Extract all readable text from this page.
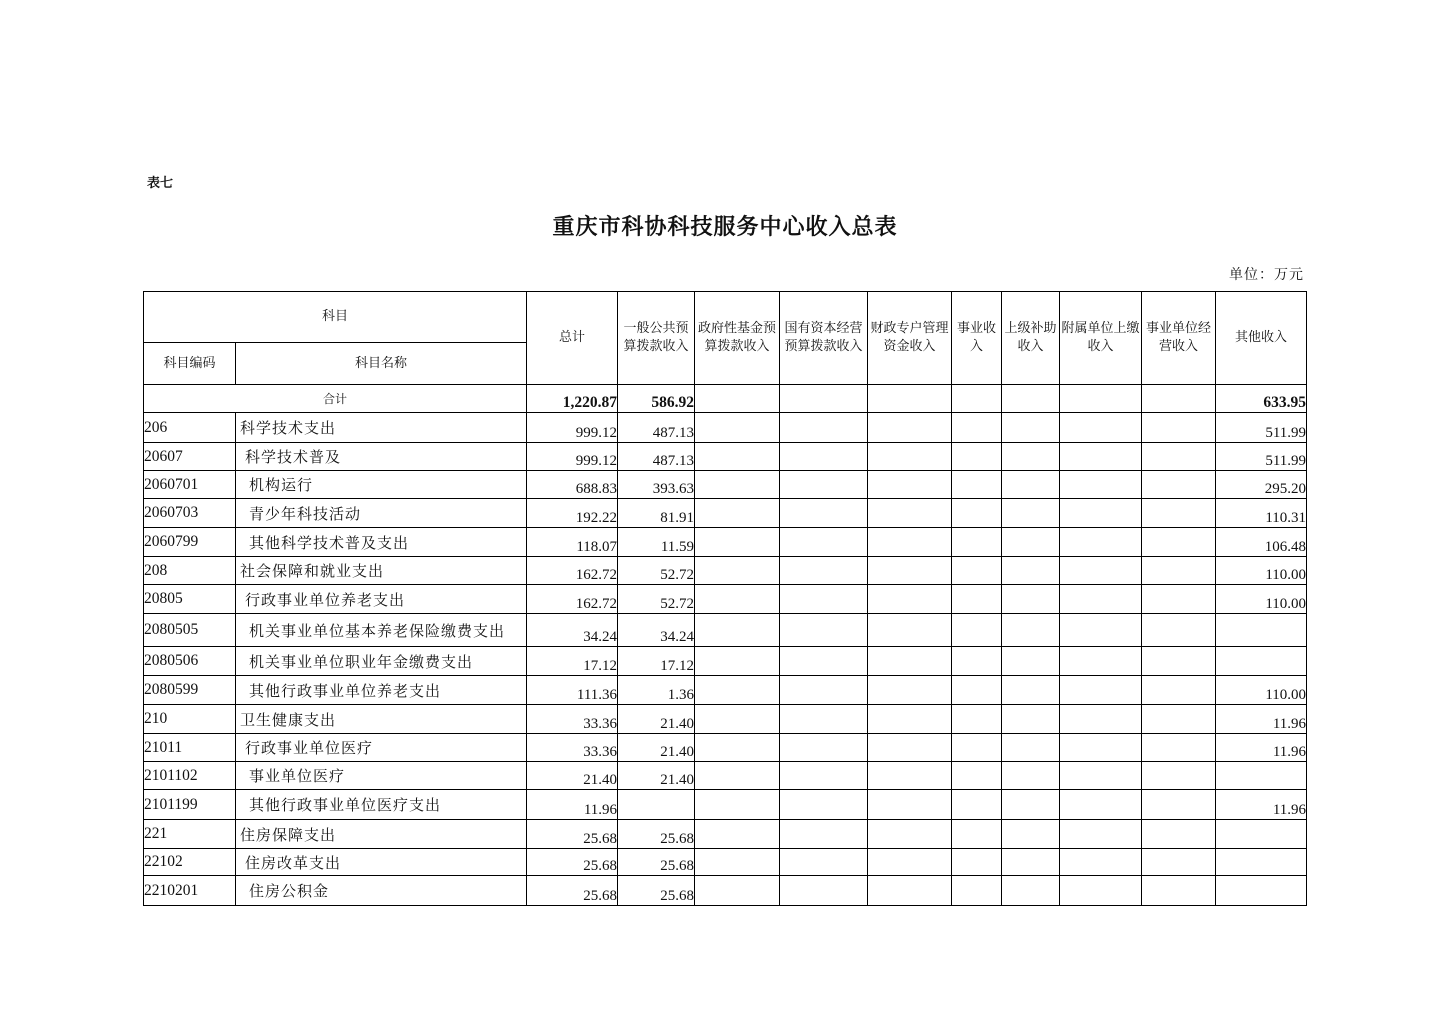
表七
重庆市科协科技服务中心收入总表
单位：万元
科目		总计	一般公共预算拨款收入	政府性基金预算拨款收入	国有资本经营预算拨款收入	财政专户管理资金收入	事业收入	上级补助收入	附属单位上缴收入	事业单位经营收入	其他收入
科目编码	科目名称										
合计		1,220.87	586.92								633.95
206	科学技术支出	999.12	487.13								511.99
20607	科学技术普及	999.12	487.13								511.99
2060701	机构运行	688.83	393.63								295.20
2060703	青少年科技活动	192.22	81.91								110.31
2060799	其他科学技术普及支出	118.07	11.59								106.48
208	社会保障和就业支出	162.72	52.72								110.00
20805	行政事业单位养老支出	162.72	52.72								110.00
2080505	机关事业单位基本养老保险缴费支出	34.24	34.24								
2080506	机关事业单位职业年金缴费支出	17.12	17.12								
2080599	其他行政事业单位养老支出	111.36	1.36								110.00
210	卫生健康支出	33.36	21.40								11.96
21011	行政事业单位医疗	33.36	21.40								11.96
2101102	事业单位医疗	21.40	21.40								
2101199	其他行政事业单位医疗支出	11.96									11.96
221	住房保障支出	25.68	25.68								
22102	住房改革支出	25.68	25.68								
2210201	住房公积金	25.68	25.68								
